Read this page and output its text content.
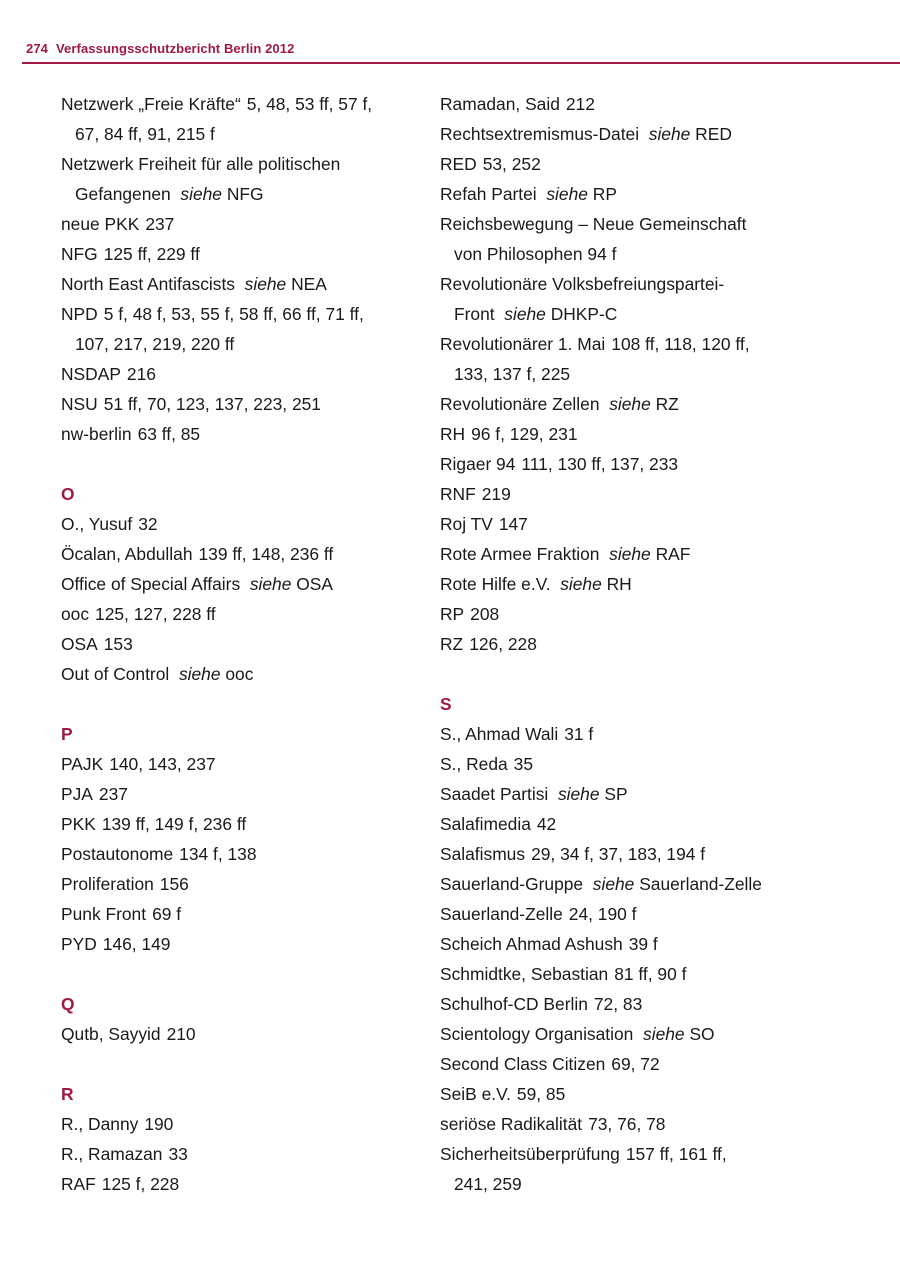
274 Verfassungsschutzbericht Berlin 2012
Netzwerk „Freie Kräfte“ 5, 48, 53 ff, 57 f,
67, 84 ff, 91, 215 f
Netzwerk Freiheit für alle politischen
Gefangenen siehe NFG
neue PKK 237
NFG 125 ff, 229 ff
North East Antifascists siehe NEA
NPD 5 f, 48 f, 53, 55 f, 58 ff, 66 ff, 71 ff,
107, 217, 219, 220 ff
NSDAP 216
NSU 51 ff, 70, 123, 137, 223, 251
nw-berlin 63 ff, 85
O
O., Yusuf 32
Öcalan, Abdullah 139 ff, 148, 236 ff
Office of Special Affairs siehe OSA
ooc 125, 127, 228 ff
OSA 153
Out of Control siehe ooc
P
PAJK 140, 143, 237
PJA 237
PKK 139 ff, 149 f, 236 ff
Postautonome 134 f, 138
Proliferation 156
Punk Front 69 f
PYD 146, 149
Q
Qutb, Sayyid 210
R
R., Danny 190
R., Ramazan 33
RAF 125 f, 228
Ramadan, Said 212
Rechtsextremismus-Datei siehe RED
RED 53, 252
Refah Partei siehe RP
Reichsbewegung – Neue Gemeinschaft
von Philosophen 94 f
Revolutionäre Volksbefreiungspartei-
Front siehe DHKP-C
Revolutionärer 1. Mai 108 ff, 118, 120 ff,
133, 137 f, 225
Revolutionäre Zellen siehe RZ
RH 96 f, 129, 231
Rigaer 94 111, 130 ff, 137, 233
RNF 219
Roj TV 147
Rote Armee Fraktion siehe RAF
Rote Hilfe e.V. siehe RH
RP 208
RZ 126, 228
S
S., Ahmad Wali 31 f
S., Reda 35
Saadet Partisi siehe SP
Salafimedia 42
Salafismus 29, 34 f, 37, 183, 194 f
Sauerland-Gruppe siehe Sauerland-Zelle
Sauerland-Zelle 24, 190 f
Scheich Ahmad Ashush 39 f
Schmidtke, Sebastian 81 ff, 90 f
Schulhof-CD Berlin 72, 83
Scientology Organisation siehe SO
Second Class Citizen 69, 72
SeiB e.V. 59, 85
seriöse Radikalität 73, 76, 78
Sicherheitsüberprüfung 157 ff, 161 ff,
241, 259
